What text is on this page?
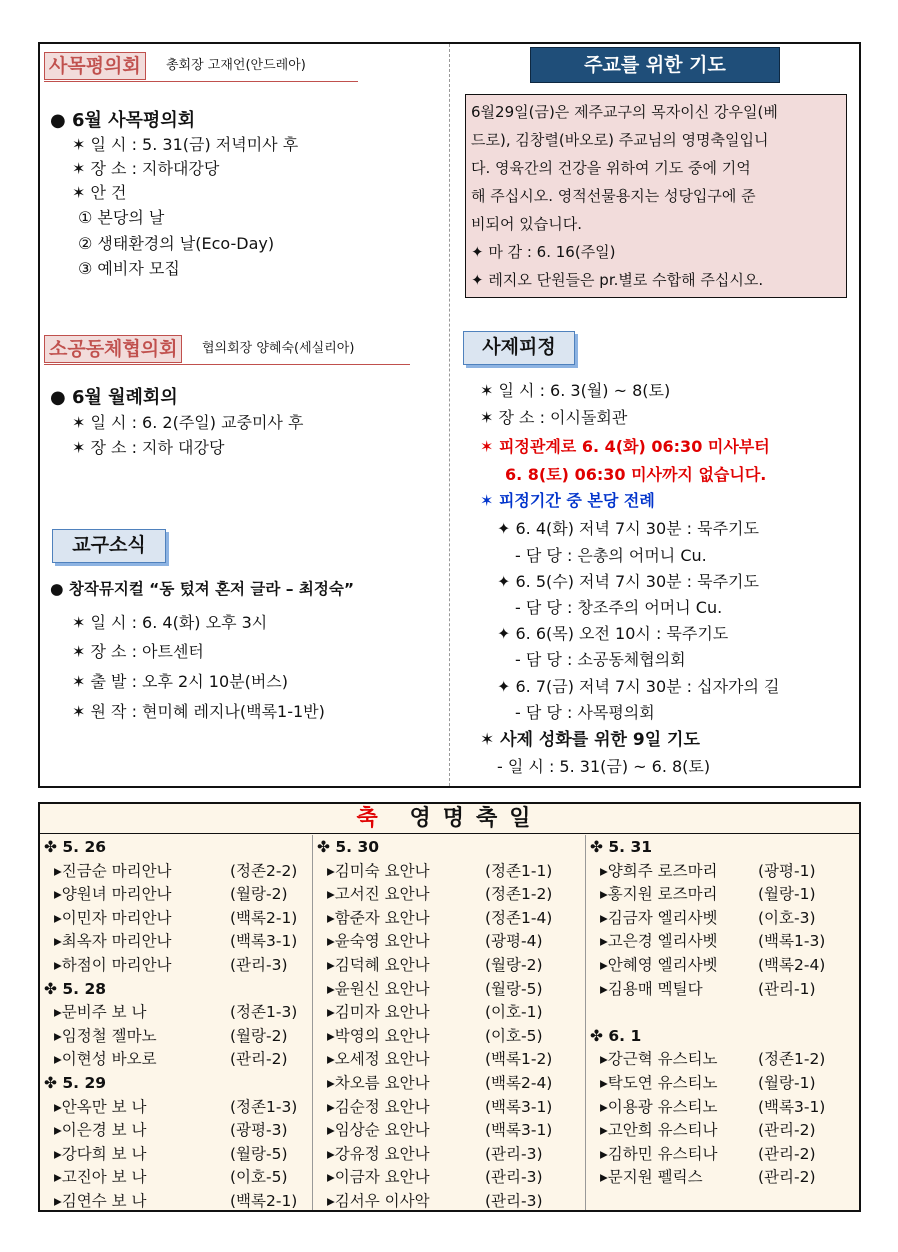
사목평의회	총회장 고재언(안드레아)
● 6월 사목평의회
✶ 일 시 : 5. 31(금) 저녁미사 후
✶ 장 소 : 지하대강당
✶ 안 건
① 본당의 날
② 생태환경의 날(Eco-Day)
③ 예비자 모집
소공동체협의회	협의회장 양혜숙(세실리아)
● 6월 월례회의
✶ 일 시 : 6. 2(주일) 교중미사 후
✶ 장 소 : 지하 대강당
교구소식
● 창작뮤지컬 “동 텄져 혼저 글라 – 최정숙”
✶ 일 시 : 6. 4(화) 오후 3시
✶ 장 소 : 아트센터
✶ 출 발 : 오후 2시 10분(버스)
✶ 원 작 : 현미혜 레지나(백록1-1반)
주교를 위한 기도

6월29일(금)은 제주교구의 목자이신 강우일(베

드로), 김창렬(바오로) 주교님의 영명축일입니

다. 영육간의 건강을 위하여 기도 중에 기억

해 주십시오. 영적선물용지는 성당입구에 준

비되어 있습니다.

✦ 마 감 : 6. 16(주일)

✦ 레지오 단원들은 pr.별로 수합해 주십시오.

사제피정
✶ 일 시 : 6. 3(월) ~ 8(토)
✶ 장 소 : 이시돌회관
✶ 피정관계로 6. 4(화) 06:30 미사부터
6. 8(토) 06:30 미사까지 없습니다.
✶ 피정기간 중 본당 전례
✦ 6. 4(화) 저녁 7시 30분 : 묵주기도
- 담 당 : 은총의 어머니 Cu.
✦ 6. 5(수) 저녁 7시 30분 : 묵주기도
- 담 당 : 창조주의 어머니 Cu.
✦ 6. 6(목) 오전 10시 : 묵주기도
- 담 당 : 소공동체협의회
✦ 6. 7(금) 저녁 7시 30분 : 십자가의 길
- 담 당 : 사목평의회
✶ 사제 성화를 위한 9일 기도
- 일 시 : 5. 31(금) ~ 6. 8(토)
축 영명축일
✤ 5. 26
▸진금순 마리안나	(정존2-2)
▸양원녀 마리안나	(월랑-2)
▸이민자 마리안나	(백록2-1)
▸최옥자 마리안나	(백록3-1)
▸하점이 마리안나	(관리-3)
✤ 5. 28
▸문비주 보 나	(정존1-3)
▸임정철 젤마노	(월랑-2)
▸이현성 바오로	(관리-2)
✤ 5. 29
▸안옥만 보 나	(정존1-3)
▸이은경 보 나	(광평-3)
▸강다희 보 나	(월랑-5)
▸고진아 보 나	(이호-5)
▸김연수 보 나	(백록2-1)
✤ 5. 30
▸김미숙 요안나	(정존1-1)
▸고서진 요안나	(정존1-2)
▸함준자 요안나	(정존1-4)
▸윤숙영 요안나	(광평-4)
▸김덕혜 요안나	(월랑-2)
▸윤원신 요안나	(월랑-5)
▸김미자 요안나	(이호-1)
▸박영의 요안나	(이호-5)
▸오세정 요안나	(백록1-2)
▸차오름 요안나	(백록2-4)
▸김순정 요안나	(백록3-1)
▸임상순 요안나	(백록3-1)
▸강유정 요안나	(관리-3)
▸이금자 요안나	(관리-3)
▸김서우 이사악	(관리-3)
✤ 5. 31
▸양희주 로즈마리	(광평-1)
▸홍지원 로즈마리	(월랑-1)
▸김금자 엘리사벳	(이호-3)
▸고은경 엘리사벳	(백록1-3)
▸안혜영 엘리사벳	(백록2-4)
▸김용매 멕틸다	(관리-1)
✤ 6. 1
▸강근혁 유스티노	(정존1-2)
▸탁도연 유스티노	(월랑-1)
▸이용광 유스티노	(백록3-1)
▸고안희 유스티나	(관리-2)
▸김하민 유스티나	(관리-2)
▸문지원 펠릭스	(관리-2)
